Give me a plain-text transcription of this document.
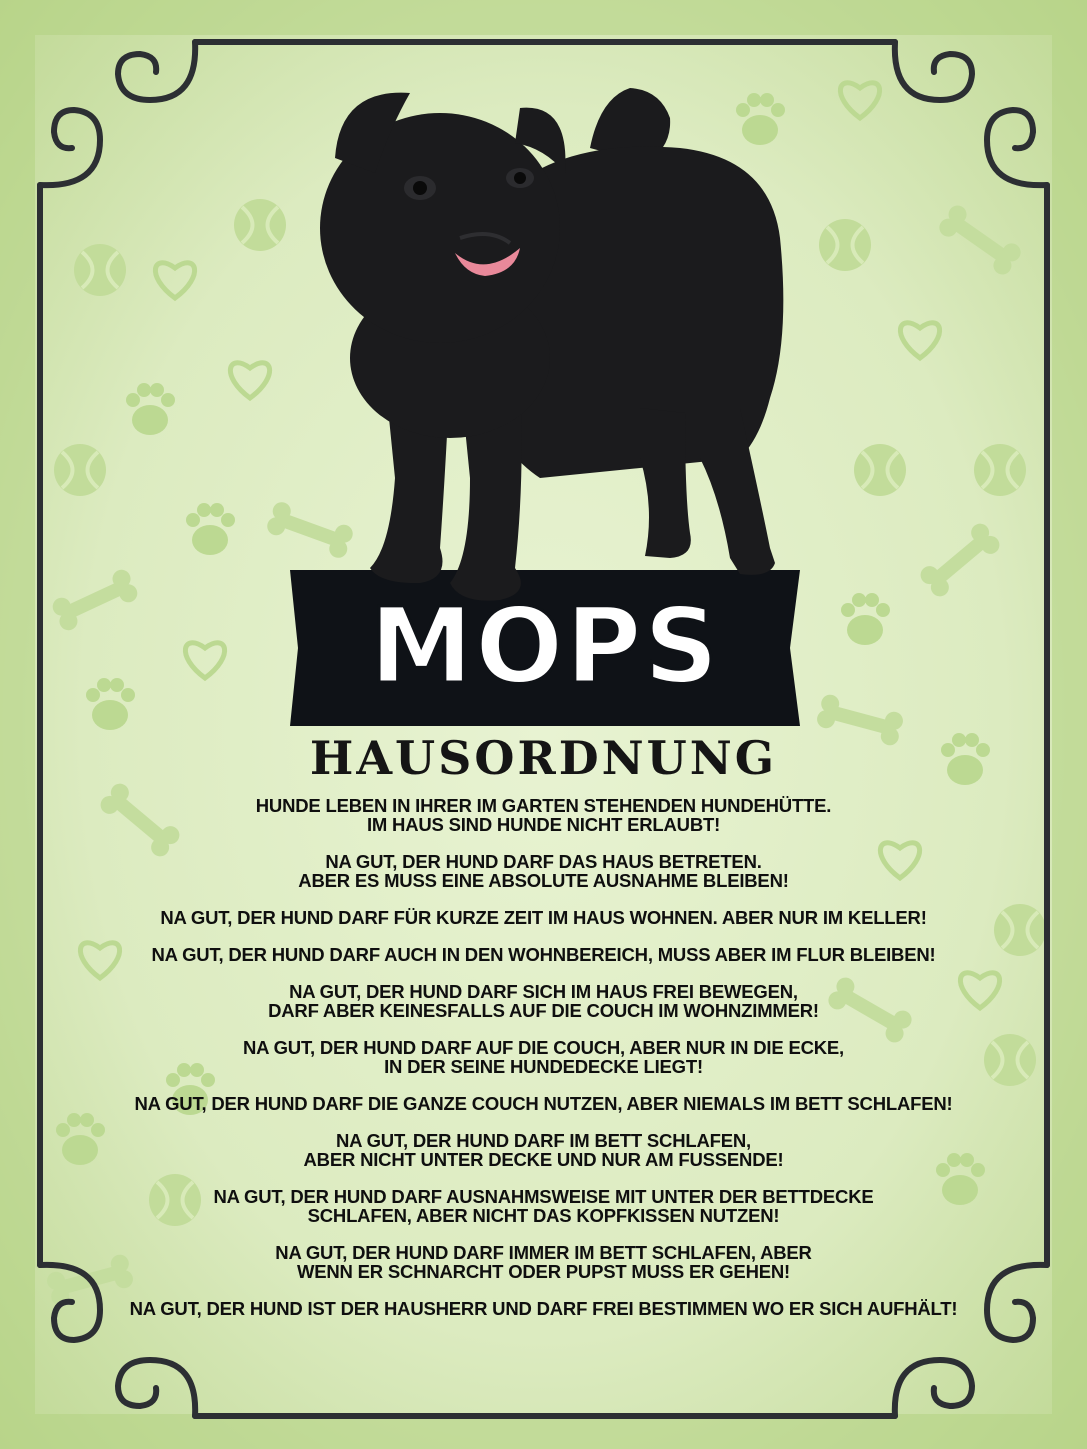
MOPS
HAUSORDNUNG
HUNDE LEBEN IN IHRER IM GARTEN STEHENDEN HUNDEHÜTTE.
IM HAUS SIND HUNDE NICHT ERLAUBT!
NA GUT, DER HUND DARF DAS HAUS BETRETEN.
ABER ES MUSS EINE ABSOLUTE AUSNAHME BLEIBEN!
NA GUT, DER HUND DARF FÜR KURZE ZEIT IM HAUS WOHNEN. ABER NUR IM KELLER!
NA GUT, DER HUND DARF AUCH IN DEN WOHNBEREICH, MUSS ABER IM FLUR BLEIBEN!
NA GUT, DER HUND DARF SICH IM HAUS FREI BEWEGEN,
DARF ABER KEINESFALLS AUF DIE COUCH IM WOHNZIMMER!
NA GUT, DER HUND DARF AUF DIE COUCH, ABER NUR IN DIE ECKE,
IN DER SEINE HUNDEDECKE LIEGT!
NA GUT, DER HUND DARF DIE GANZE COUCH NUTZEN, ABER NIEMALS IM BETT SCHLAFEN!
NA GUT, DER HUND DARF IM BETT SCHLAFEN,
ABER NICHT UNTER DECKE UND NUR AM FUSSENDE!
NA GUT, DER HUND DARF AUSNAHMSWEISE MIT UNTER DER BETTDECKE
SCHLAFEN, ABER NICHT DAS KOPFKISSEN NUTZEN!
NA GUT, DER HUND DARF IMMER IM BETT SCHLAFEN, ABER
WENN ER SCHNARCHT ODER PUPST MUSS ER GEHEN!
NA GUT, DER HUND IST DER HAUSHERR UND DARF FREI BESTIMMEN WO ER SICH AUFHÄLT!
